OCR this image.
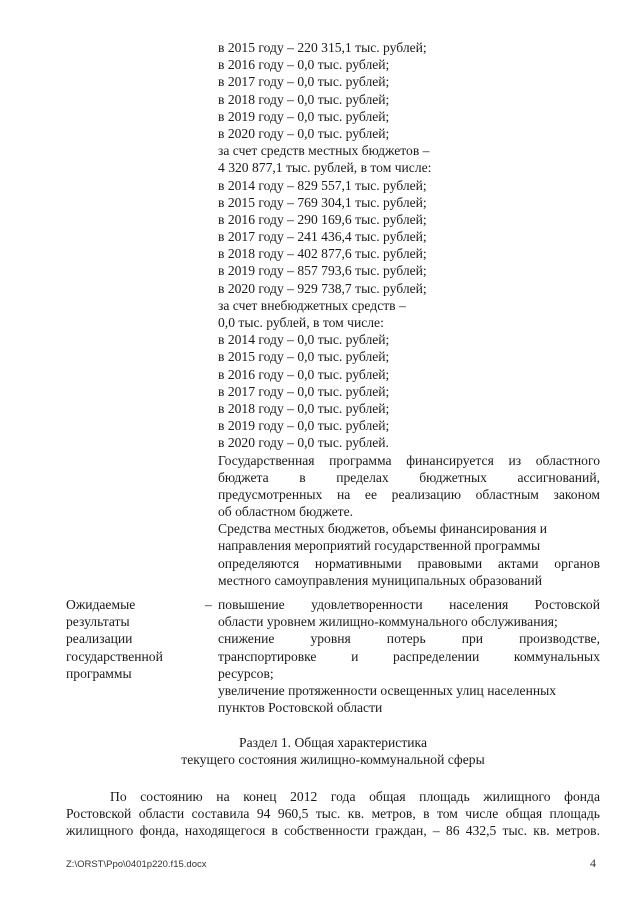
в 2015 году – 220 315,1 тыс. рублей;
в 2016 году – 0,0 тыс. рублей;
в 2017 году – 0,0 тыс. рублей;
в 2018 году – 0,0 тыс. рублей;
в 2019 году – 0,0 тыс. рублей;
в 2020 году – 0,0 тыс. рублей;
за счет средств местных бюджетов –
4 320 877,1 тыс. рублей, в том числе:
в 2014 году – 829 557,1 тыс. рублей;
в 2015 году – 769 304,1 тыс. рублей;
в 2016 году – 290 169,6 тыс. рублей;
в 2017 году – 241 436,4 тыс. рублей;
в 2018 году – 402 877,6 тыс. рублей;
в 2019 году – 857 793,6 тыс. рублей;
в 2020 году – 929 738,7 тыс. рублей;
за счет внебюджетных средств –
0,0 тыс. рублей, в том числе:
в 2014 году – 0,0 тыс. рублей;
в 2015 году – 0,0 тыс. рублей;
в 2016 году – 0,0 тыс. рублей;
в 2017 году – 0,0 тыс. рублей;
в 2018 году – 0,0 тыс. рублей;
в 2019 году – 0,0 тыс. рублей;
в 2020 году – 0,0 тыс. рублей.
Государственная программа финансируется из областного
бюджета в пределах бюджетных ассигнований,
предусмотренных на ее реализацию областным законом
об областном бюджете.
Средства местных бюджетов, объемы финансирования и
направления мероприятий государственной программы
определяются нормативными правовыми актами органов
местного самоуправления муниципальных образований
Ожидаемые
результаты
реализации
государственной
программы
– повышение удовлетворенности населения Ростовской
области уровнем жилищно-коммунального обслуживания;
снижение уровня потерь при производстве,
транспортировке и распределении коммунальных
ресурсов;
увеличение протяженности освещенных улиц населенных
пунктов Ростовской области
Раздел 1. Общая характеристика
текущего состояния жилищно-коммунальной сферы
По состоянию на конец 2012 года общая площадь жилищного фонда
Ростовской области составила 94 960,5 тыс. кв. метров, в том числе общая площадь
жилищного фонда, находящегося в собственности граждан, – 86 432,5 тыс. кв. метров.
Z:\ORST\Ppo\0401p220.f15.docx	4
